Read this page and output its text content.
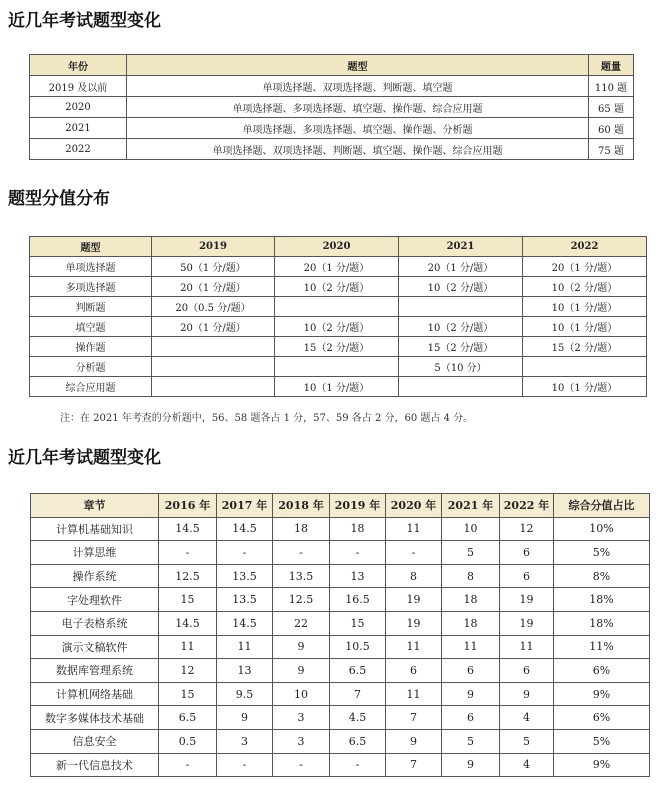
近几年考试题型变化
年份	题型	题量
2019 及以前	单项选择题、双项选择题、判断题、填空题	110 题
2020	单项选择题、多项选择题、填空题、操作题、综合应用题	65 题
2021	单项选择题、多项选择题、填空题、操作题、分析题	60 题
2022	单项选择题、双项选择题、判断题、填空题、操作题、综合应用题	75 题
题型分值分布
题型	2019	2020	2021	2022
单项选择题	50（1 分/题）	20（1 分/题）	20（1 分/题）	20（1 分/题）
多项选择题	20（1 分/题）	10（2 分/题）	10（2 分/题）	10（2 分/题）
判断题	20（0.5 分/题）			10（1 分/题）
填空题	20（1 分/题）	10（2 分/题）	10（2 分/题）	10（1 分/题）
操作题		15（2 分/题）	15（2 分/题）	15（2 分/题）
分析题			5（10 分）	
综合应用题		10（1 分/题）		10（1 分/题）

注：在 2021 年考查的分析题中，56、58 题各占 1 分，57、59 各占 2 分，60 题占 4 分。

近几年考试题型变化
章节	2016 年	2017 年	2018 年	2019 年	2020 年	2021 年	2022 年	综合分值占比
计算机基础知识	14.5	14.5	18	18	11	10	12	10%
计算思维	-	-	-	-	-	5	6	5%
操作系统	12.5	13.5	13.5	13	8	8	6	8%
字处理软件	15	13.5	12.5	16.5	19	18	19	18%
电子表格系统	14.5	14.5	22	15	19	18	19	18%
演示文稿软件	11	11	9	10.5	11	11	11	11%
数据库管理系统	12	13	9	6.5	6	6	6	6%
计算机网络基础	15	9.5	10	7	11	9	9	9%
数字多媒体技术基础	6.5	9	3	4.5	7	6	4	6%
信息安全	0.5	3	3	6.5	9	5	5	5%
新一代信息技术	-	-	-	-	7	9	4	9%
